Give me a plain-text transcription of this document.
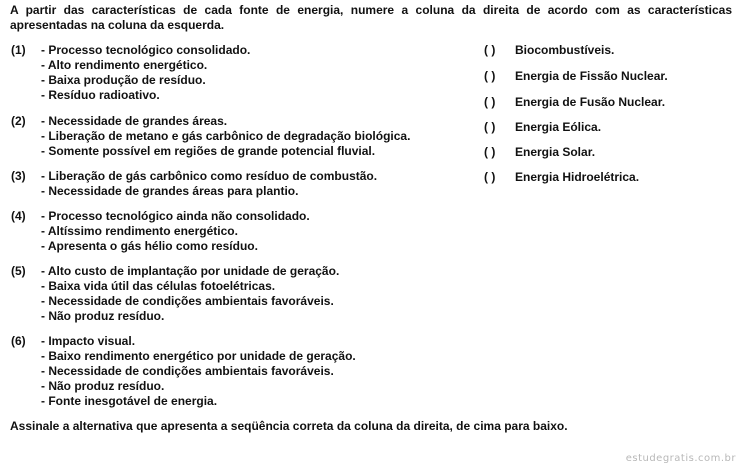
A partir das características de cada fonte de energia, numere a coluna da direita de acordo com as características apresentadas na coluna da esquerda.
(1)	- Processo tecnológico consolidado.
- Alto rendimento energético.
- Baixa produção de resíduo.
- Resíduo radioativo.
(2)	- Necessidade de grandes áreas.
- Liberação de metano e gás carbônico de degradação biológica.
- Somente possível em regiões de grande potencial fluvial.
(3)	- Liberação de gás carbônico como resíduo de combustão.
- Necessidade de grandes áreas para plantio.
(4)	- Processo tecnológico ainda não consolidado.
- Altíssimo rendimento energético.
- Apresenta o gás hélio como resíduo.
(5)	- Alto custo de implantação por unidade de geração.
- Baixa vida útil das células fotoelétricas.
- Necessidade de condições ambientais favoráveis.
- Não produz resíduo.
(6)	- Impacto visual.
- Baixo rendimento energético por unidade de geração.
- Necessidade de condições ambientais favoráveis.
- Não produz resíduo.
- Fonte inesgotável de energia.
( ) Biocombustíveis.
( ) Energia de Fissão Nuclear.
( ) Energia de Fusão Nuclear.
( ) Energia Eólica.
( ) Energia Solar.
( ) Energia Hidroelétrica.
Assinale a alternativa que apresenta a seqüência correta da coluna da direita, de cima para baixo.
estudegratis.com.br
